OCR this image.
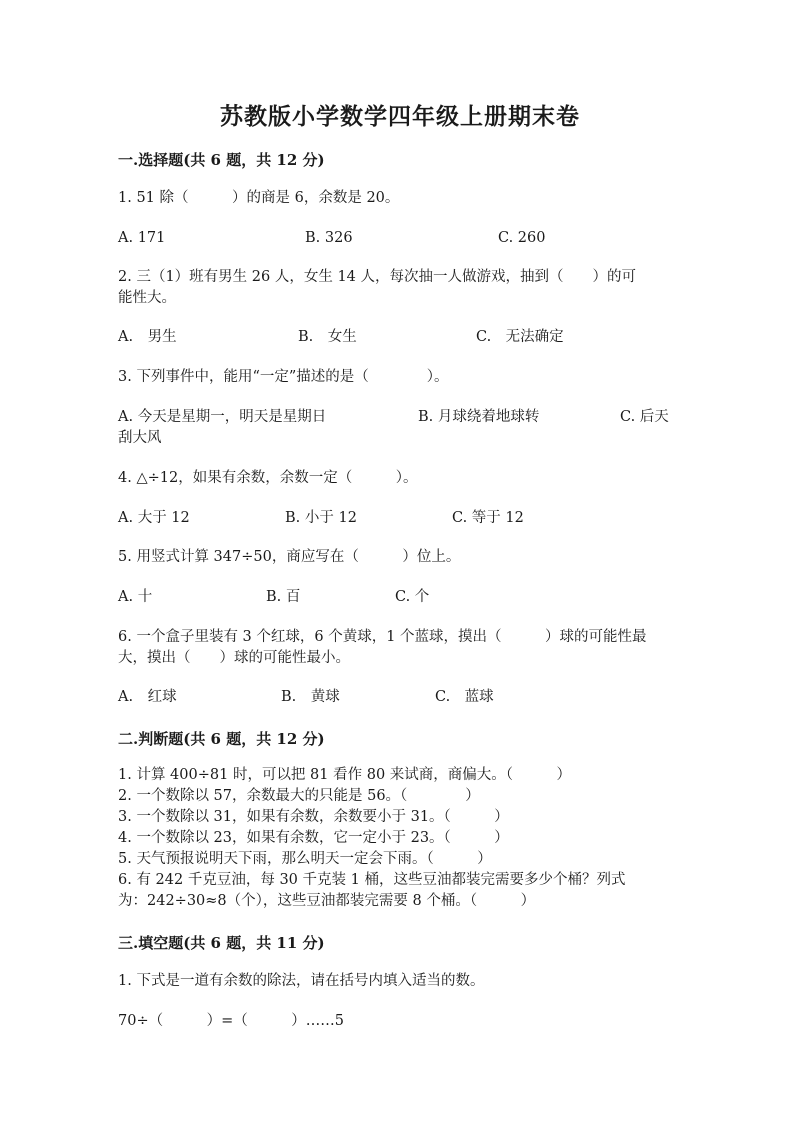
苏教版小学数学四年级上册期末卷
一.选择题(共 6 题，共 12 分)
1. 51 除（　　　）的商是 6，余数是 20。
A. 171	B. 326	C. 260
2. 三（1）班有男生 26 人，女生 14 人，每次抽一人做游戏，抽到（　　）的可
能性大。
A.　男生	B.　女生	C.　无法确定
3. 下列事件中，能用“一定”描述的是（　　　　）。
A. 今天是星期一，明天是星期日	B. 月球绕着地球转	C. 后天
刮大风
4. △÷12，如果有余数，余数一定（　　　）。
A. 大于 12	B. 小于 12	C. 等于 12
5. 用竖式计算 347÷50，商应写在（　　　）位上。
A. 十	B. 百	C. 个
6. 一个盒子里装有 3 个红球，6 个黄球，1 个蓝球，摸出（　　　）球的可能性最
大，摸出（　　）球的可能性最小。
A.　红球	B.　黄球	C.　蓝球
二.判断题(共 6 题，共 12 分)
1. 计算 400÷81 时，可以把 81 看作 80 来试商，商偏大。（　　　）
2. 一个数除以 57，余数最大的只能是 56。（　　　　）
3. 一个数除以 31，如果有余数，余数要小于 31。（　　　）
4. 一个数除以 23，如果有余数，它一定小于 23。（　　　）
5. 天气预报说明天下雨，那么明天一定会下雨。（　　　）
6. 有 242 千克豆油，每 30 千克装 1 桶，这些豆油都装完需要多少个桶？列式
为：242÷30≈8（个），这些豆油都装完需要 8 个桶。（　　　）
三.填空题(共 6 题，共 11 分)
1. 下式是一道有余数的除法，请在括号内填入适当的数。
70÷（　　　）=（　　　）……5
